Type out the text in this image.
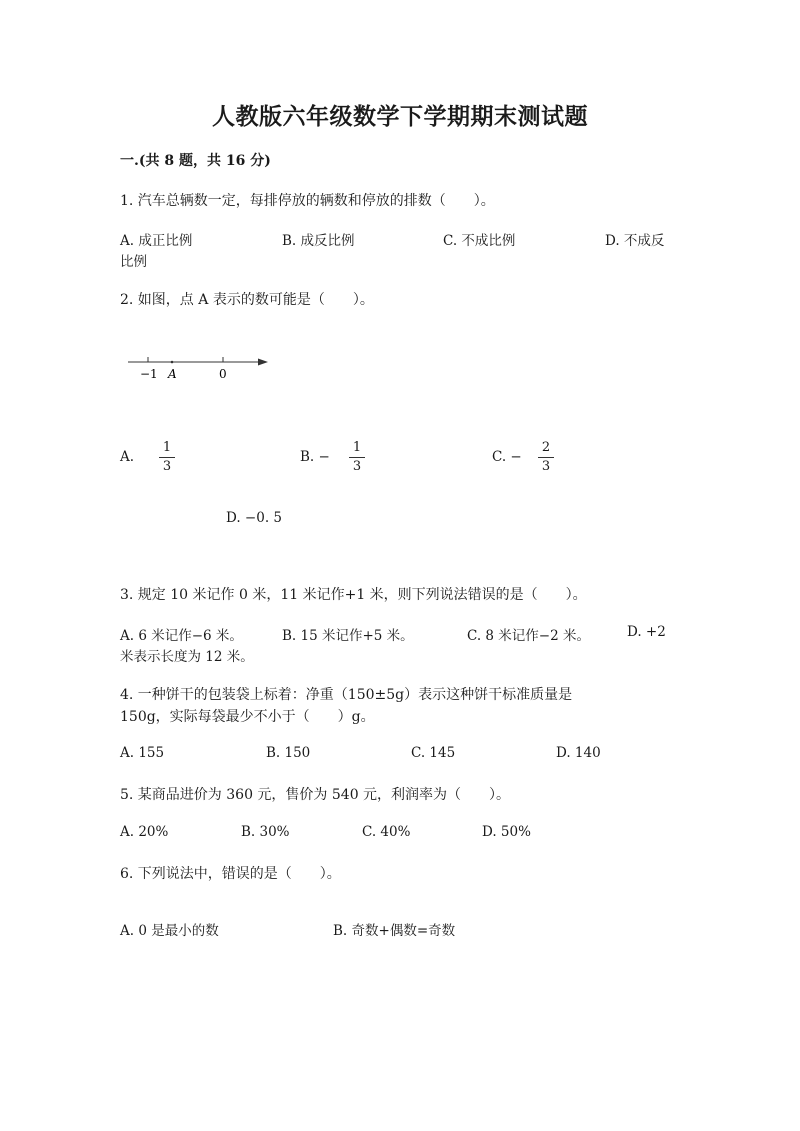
人教版六年级数学下学期期末测试题
一.(共 8 题，共 16 分)
1. 汽车总辆数一定，每排停放的辆数和停放的排数（　　）。
A. 成正比例	B. 成反比例	C. 不成比例	D. 不成反
比例
2. 如图，点 A 表示的数可能是（　　）。
−1 A	0
A.
1
3
B. −
1
3
C. −
2
3
D. −0. 5
3. 规定 10 米记作 0 米，11 米记作+1 米，则下列说法错误的是（　　）。
A. 6 米记作−6 米。	B. 15 米记作+5 米。	C. 8 米记作−2 米。	D. +2
米表示长度为 12 米。
4. 一种饼干的包装袋上标着：净重（150±5g）表示这种饼干标准质量是
150g，实际每袋最少不小于（　　）g。
A. 155	B. 150	C. 145	D. 140
5. 某商品进价为 360 元，售价为 540 元，利润率为（　　）。
A. 20%	B. 30%	C. 40%	D. 50%
6. 下列说法中，错误的是（　　）。
A. 0 是最小的数	B. 奇数+偶数=奇数
